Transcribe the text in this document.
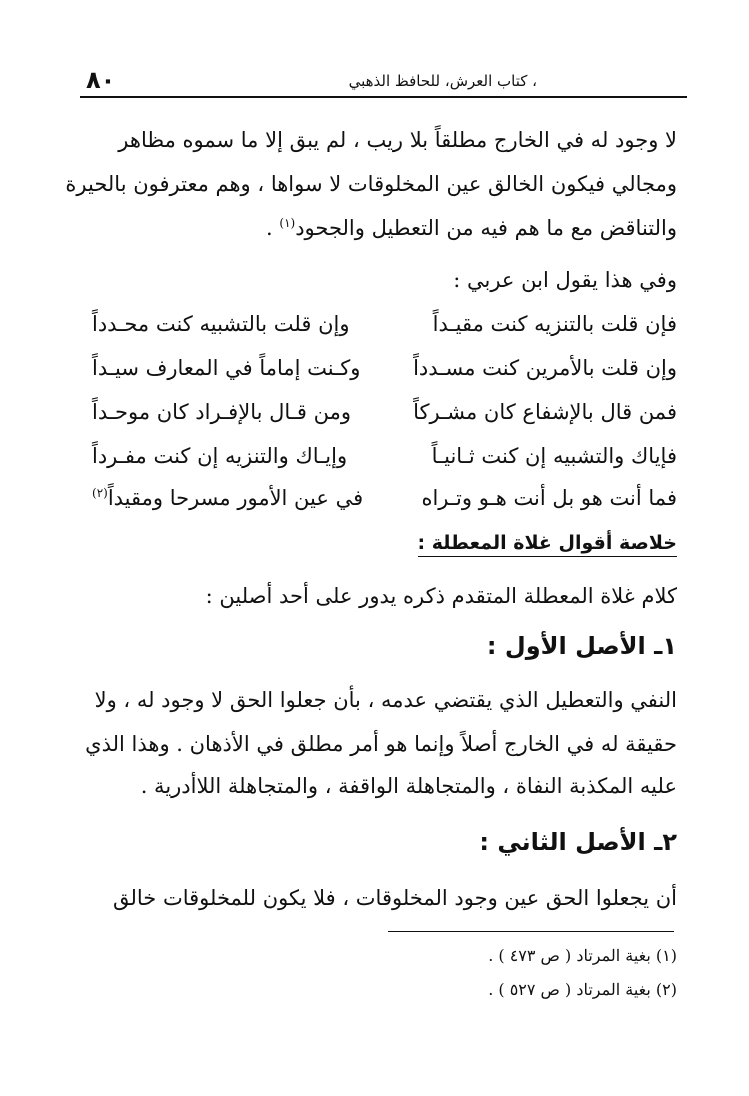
٨٠	، كتاب العرش، للحافظ الذهبي
لا وجود له في الخارج مطلقاً بلا ريب ، لم يبق إلا ما سموه مظاهر
ومجالي فيكون الخالق عين المخلوقات لا سواها ، وهم معترفون بالحيرة
والتناقض مع ما هم فيه من التعطيل والجحود$^{(١)}$ .
وفي هذا يقول ابن عربي :
فإن قلت بالتنزيه كنت مقيـداً
وإن قلت بالتشبيه كنت محـدداً
وإن قلت بالأمرين كنت مسـدداً
وكـنت إماماً في المعارف سيـداً
فمن قال بالإشفاع كان مشـركاً
ومن قـال بالإفـراد كان موحـداً
فإياك والتشبيه إن كنت ثـانيـاً
وإيـاك والتنزيه إن كنت مفـرداً
فما أنت هو بل أنت هـو وتـراه
في عين الأمور مسرحا ومقيداً$^{(٢)}$
خلاصة أقوال غلاة المعطلة :
كلام غلاة المعطلة المتقدم ذكره يدور على أحد أصلين :
١ـ الأصل الأول :
النفي والتعطيل الذي يقتضي عدمه ، بأن جعلوا الحق لا وجود له ، ولا
حقيقة له في الخارج أصلاً وإنما هو أمر مطلق في الأذهان . وهذا الذي
عليه المكذبة النفاة ، والمتجاهلة الواقفة ، والمتجاهلة اللاأدرية .
٢ـ الأصل الثاني :
أن يجعلوا الحق عين وجود المخلوقات ، فلا يكون للمخلوقات خالق
(١) بغية المرتاد ( ص ٤٧٣ ) .
(٢) بغية المرتاد ( ص ٥٢٧ ) .
